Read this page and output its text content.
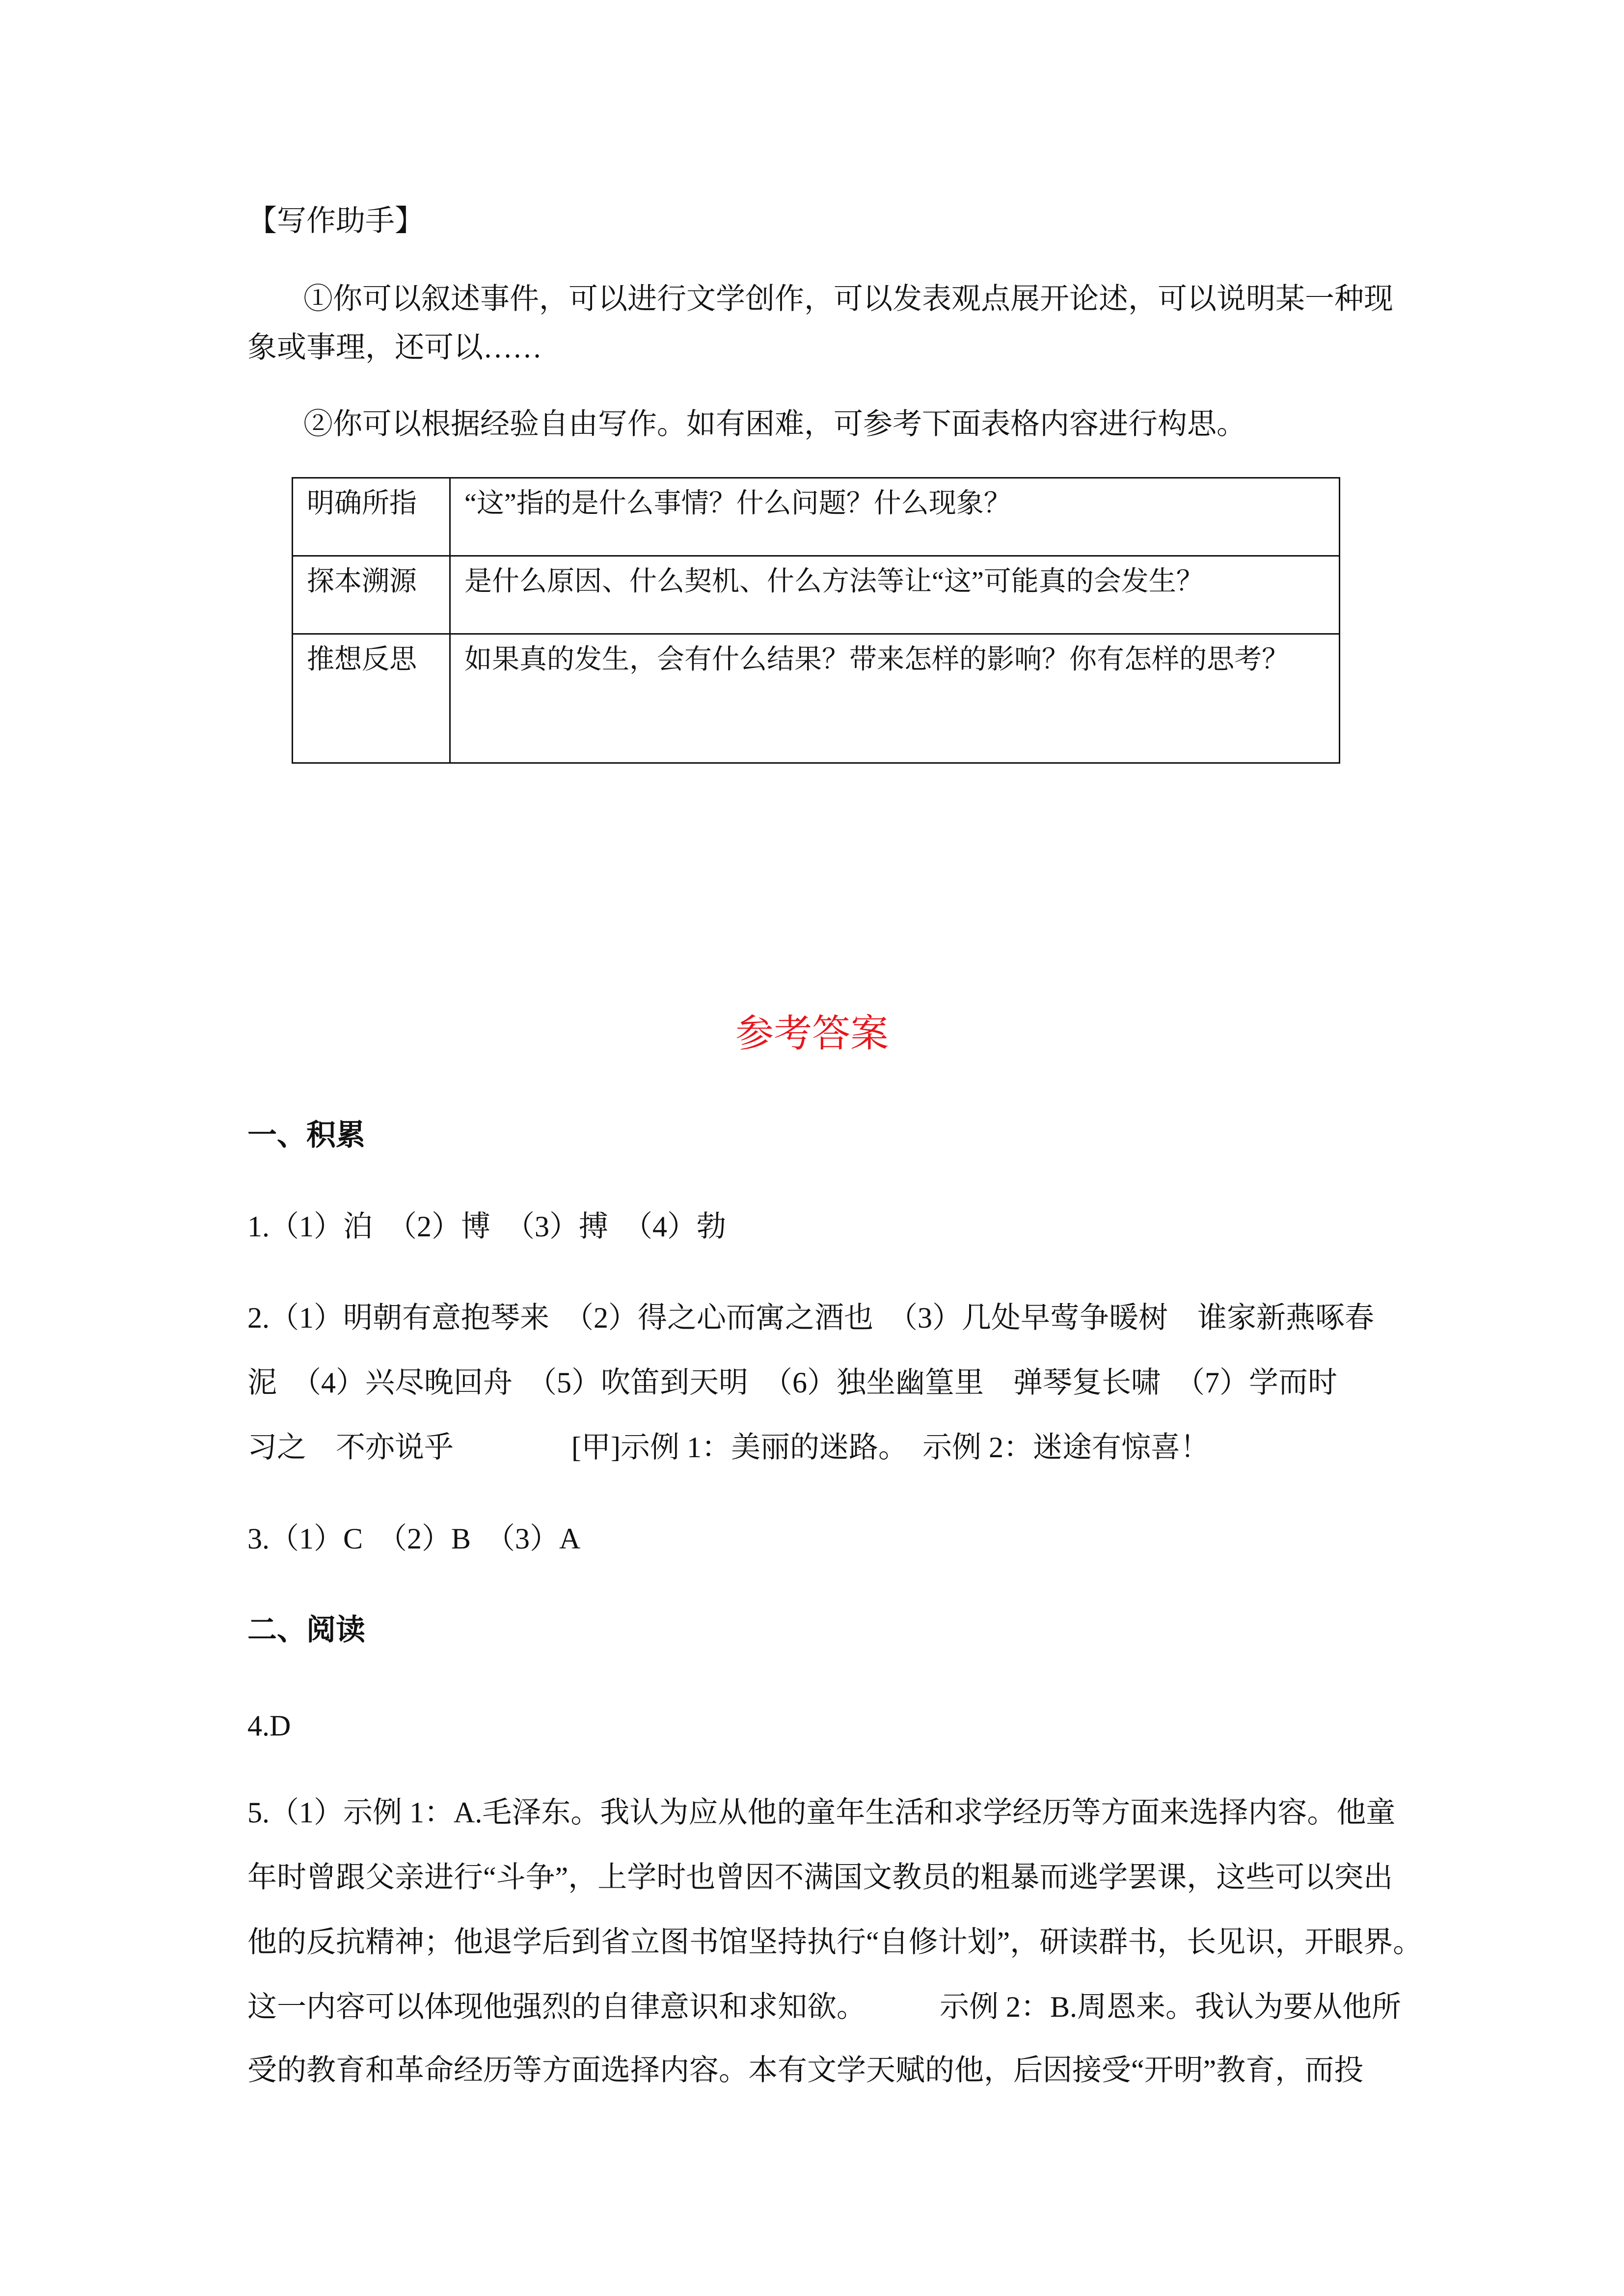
【写作助手】
①你可以叙述事件，可以进行文学创作，可以发表观点展开论述，可以说明某一种现
象或事理，还可以……
②你可以根据经验自由写作。如有困难，可参考下面表格内容进行构思。
明确所指	“这”指的是什么事情？什么问题？什么现象？
探本溯源	是什么原因、什么契机、什么方法等让“这”可能真的会发生？
推想反思	如果真的发生，会有什么结果？带来怎样的影响？你有怎样的思考？
参考答案
一、积累
1.（1）泊　（2）博　（3）搏　（4）勃
2.（1）明朝有意抱琴来　（2）得之心而寓之酒也　（3）几处早莺争暖树　谁家新燕啄春
泥　（4）兴尽晚回舟　（5）吹笛到天明　（6）独坐幽篁里　弹琴复长啸　（7）学而时
习之　不亦说乎　　　　[甲]示例 1：美丽的迷路。　示例 2：迷途有惊喜！
3.（1）C　（2）B　（3）A
二、阅读
4.D
5.（1）示例 1：A.毛泽东。我认为应从他的童年生活和求学经历等方面来选择内容。他童
年时曾跟父亲进行“斗争”，上学时也曾因不满国文教员的粗暴而逃学罢课，这些可以突出
他的反抗精神；他退学后到省立图书馆坚持执行“自修计划”，研读群书，长见识，开眼界。
这一内容可以体现他强烈的自律意识和求知欲。　　　示例 2：B.周恩来。我认为要从他所
受的教育和革命经历等方面选择内容。本有文学天赋的他，后因接受“开明”教育，而投
